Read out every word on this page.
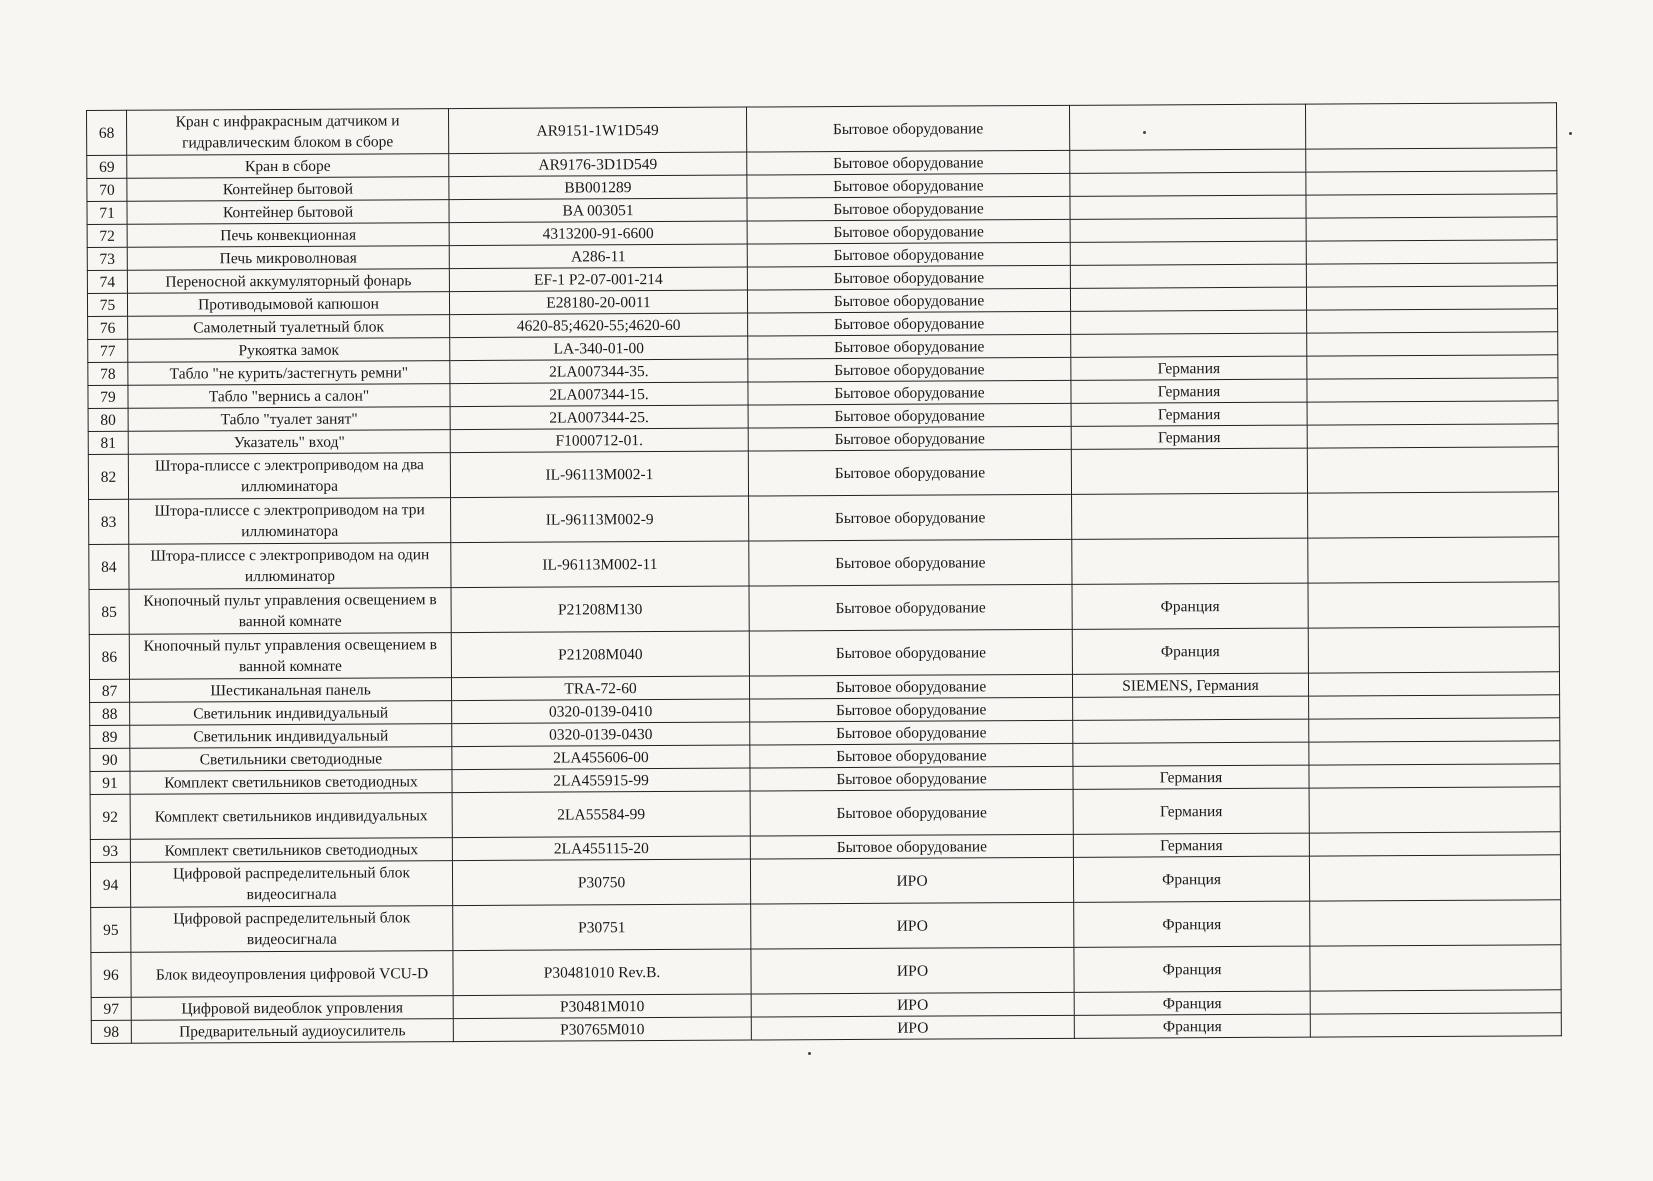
68	Кран с инфракрасным датчиком и гидравлическим блоком в сборе	AR9151-1W1D549	Бытовое оборудование		
69	Кран в сборе	AR9176-3D1D549	Бытовое оборудование		
70	Контейнер бытовой	BB001289	Бытовое оборудование		
71	Контейнер бытовой	BA 003051	Бытовое оборудование		
72	Печь конвекционная	4313200-91-6600	Бытовое оборудование		
73	Печь микроволновая	A286-11	Бытовое оборудование		
74	Переносной аккумуляторный фонарь	EF-1 P2-07-001-214	Бытовое оборудование		
75	Противодымовой капюшон	E28180-20-0011	Бытовое оборудование		
76	Самолетный туалетный блок	4620-85;4620-55;4620-60	Бытовое оборудование		
77	Рукоятка замок	LA-340-01-00	Бытовое оборудование		
78	Табло "не курить/застегнуть ремни"	2LA007344-35.	Бытовое оборудование	Германия	
79	Табло "вернись а салон"	2LA007344-15.	Бытовое оборудование	Германия	
80	Табло "туалет занят"	2LA007344-25.	Бытовое оборудование	Германия	
81	Указатель" вход"	F1000712-01.	Бытовое оборудование	Германия	
82	Штора-плиссе с электроприводом на два иллюминатора	IL-96113M002-1	Бытовое оборудование		
83	Штора-плиссе с электроприводом на три иллюминатора	IL-96113M002-9	Бытовое оборудование		
84	Штора-плиссе с электроприводом на один иллюминатор	IL-96113M002-11	Бытовое оборудование		
85	Кнопочный пульт управления освещением в ванной комнате	P21208M130	Бытовое оборудование	Франция	
86	Кнопочный пульт управления освещением в ванной комнате	P21208M040	Бытовое оборудование	Франция	
87	Шестиканальная панель	TRA-72-60	Бытовое оборудование	SIEMENS, Германия	
88	Светильник индивидуальный	0320-0139-0410	Бытовое оборудование		
89	Светильник индивидуальный	0320-0139-0430	Бытовое оборудование		
90	Светильники светодиодные	2LA455606-00	Бытовое оборудование		
91	Комплект светильников светодиодных	2LA455915-99	Бытовое оборудование	Германия	
92	Комплект светильников индивидуальных	2LA55584-99	Бытовое оборудование	Германия	
93	Комплект светильников светодиодных	2LA455115-20	Бытовое оборудование	Германия	
94	Цифровой распределительный блок видеосигнала	P30750	ИРО	Франция	
95	Цифровой распределительный блок видеосигнала	P30751	ИРО	Франция	
96	Блок видеоупровления цифровой VCU-D	P30481010 Rev.B.	ИРО	Франция	
97	Цифровой видеоблок упровления	P30481M010	ИРО	Франция	
98	Предварительный аудиоусилитель	P30765M010	ИРО	Франция	
